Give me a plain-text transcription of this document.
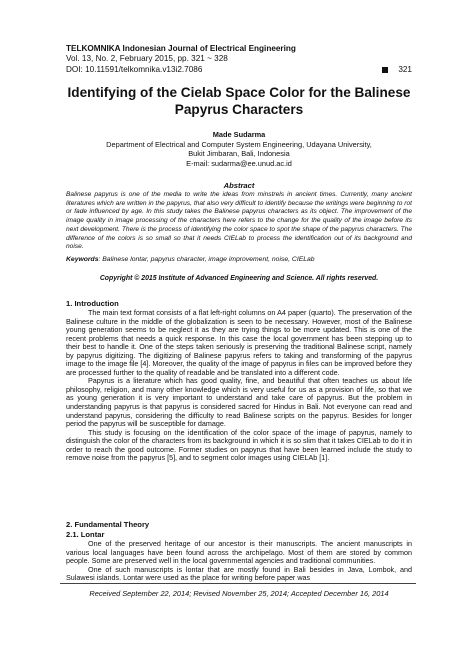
TELKOMNIKA Indonesian Journal of Electrical Engineering
Vol. 13, No. 2, February 2015, pp. 321 ~ 328
DOI: 10.11591/telkomnika.v13i2.7086	321
Identifying of the Cielab Space Color for the Balinese Papyrus Characters
Made Sudarma
Department of Electrical and Computer System Engineering, Udayana University,
Bukit Jimbaran, Bali, Indonesia
E-mail: sudarma@ee.unud.ac.id
Abstract
Balinese papyrus is one of the media to write the ideas from minstrels in ancient times. Currently, many ancient literatures which are written in the papyrus, that also very difficult to identify because the writings were beginning to rot or fade influenced by age. In this study takes the Balinese papyrus characters as its object. The improvement of the image quality in image processing of the characters here refers to the change for the quality of the image before its next development. There is the process of identifying the color space to spot the shape of the papyrus characters. The difference of the colors is so small so that it needs CIELab to process the identification out of its background and noise.
Keywords: Balinese lontar, papyrus character, image improvement, noise, CIELab
Copyright © 2015 Institute of Advanced Engineering and Science. All rights reserved.
1. Introduction

The main text format consists of a flat left-right columns on A4 paper (quarto). The preservation of the Balinese culture in the middle of the globalization is seen to be necessary. However, most of the Balinese young generation seems to be neglect it as they are trying things to be more updated. This is one of the recent problems that needs a quick response. In this case the local government has been stepping up to their best to handle it. One of the steps taken seriously is preserving the traditional Balinese script, namely by papyrus digitizing. The digitizing of Balinese papyrus refers to taking and transforming of the papyrus image to the image file [4]. Moreover, the quality of the image of papyrus in files can be improved before they are processed further to the quality of readable and be translated into a different code.

Papyrus is a literature which has good quality, fine, and beautiful that often teaches us about life philosophy, religion, and many other knowledge which is very useful for us as a provision of life, so that we as young generation it is very important to understand and take care of papyrus. But the problem in understanding papyrus is that papyrus is considered sacred for Hindus in Bali. Not everyone can read and understand papyrus, considering the difficulty to read Balinese scripts on the papyrus. Besides for longer period the papyrus will be susceptible for damage.

This study is focusing on the identification of the color space of the image of papyrus, namely to distinguish the color of the characters from its background in which it is so slim that it takes CIELab to do it in order to reach the good outcome. Former studies on papyrus that have been learned include the study to remove noise from the papyrus [5], and to segment color images using CIELAb [1].

2. Fundamental Theory
2.1. Lontar

One of the preserved heritage of our ancestor is their manuscripts. The ancient manuscripts in various local languages have been found across the archipelago. Most of them are stored by common people. Some are preserved well in the local governmental agencies and traditional communities.

One of such manuscripts is lontar that are mostly found in Bali besides in Java, Lombok, and Sulawesi islands. Lontar were used as the place for writing before paper was

Received September 22, 2014; Revised November 25, 2014; Accepted December 16, 2014
